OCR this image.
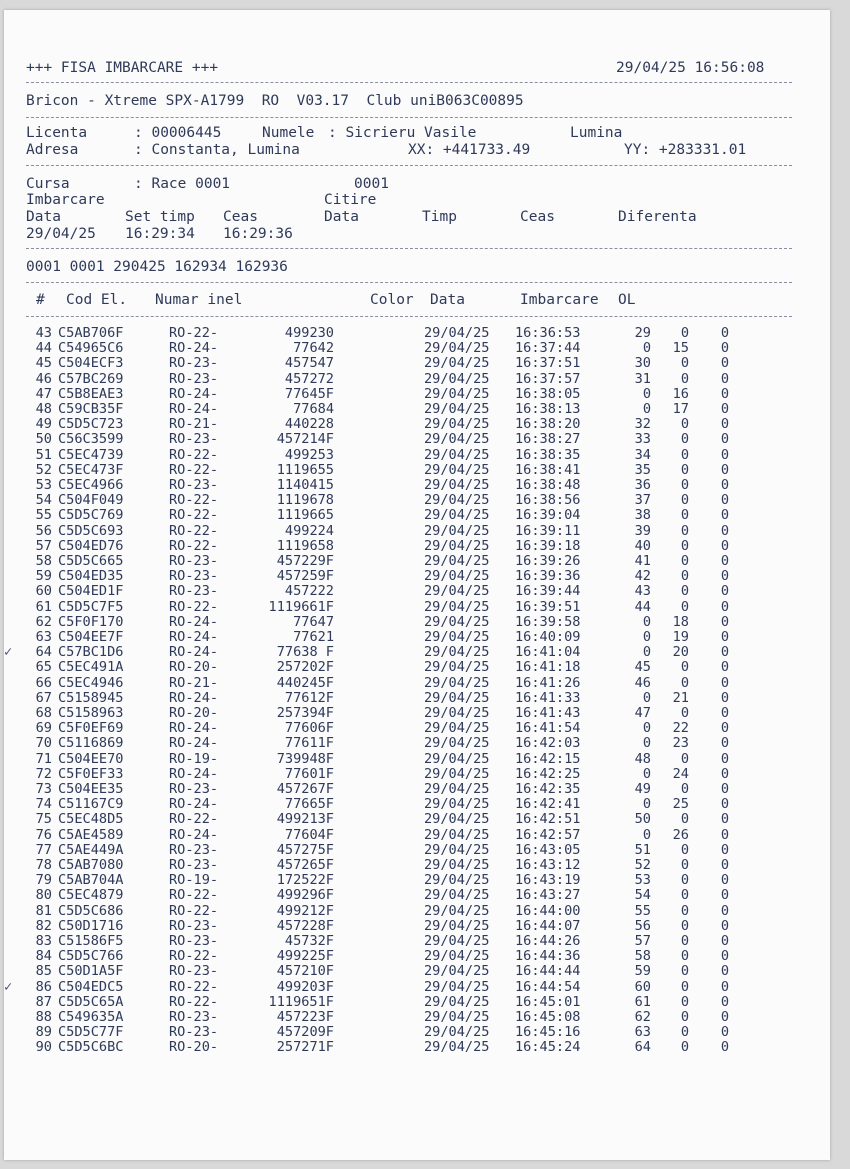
+++ FISA IMBARCARE +++	29/04/25 16:56:08
Bricon - Xtreme SPX-A1799  RO  V03.17  Club uniB063C00895
Licenta	: 00006445	Numele : Sicrieru Vasile	Lumina
Adresa	: Constanta, Lumina	XX: +441733.49	YY: +283331.01
Cursa	: Race 0001	0001
Imbarcare	Citire
Data	Set timp Ceas	Data	Timp	Ceas	Diferenta
29/04/25 16:29:34 16:29:36
0001 0001 290425 162934 162936
# Cod El. Numar inel	Color Data	Imbarcare OL
43 C5AB706F	RO-22-	499230	29/04/25 16:36:53	29	0	0
44 C54965C6	RO-24-	77642	29/04/25 16:37:44	0	15	0
45 C504ECF3	RO-23-	457547	29/04/25 16:37:51	30	0	0
46 C57BC269	RO-23-	457272	29/04/25 16:37:57	31	0	0
47 C5B8EAE3	RO-24-	77645F	29/04/25 16:38:05	0	16	0
48 C59CB35F	RO-24-	77684	29/04/25 16:38:13	0	17	0
49 C5D5C723	RO-21-	440228	29/04/25 16:38:20	32	0	0
50 C56C3599	RO-23-	457214F	29/04/25 16:38:27	33	0	0
51 C5EC4739	RO-22-	499253	29/04/25 16:38:35	34	0	0
52 C5EC473F	RO-22-	1119655	29/04/25 16:38:41	35	0	0
53 C5EC4966	RO-23-	1140415	29/04/25 16:38:48	36	0	0
54 C504F049	RO-22-	1119678	29/04/25 16:38:56	37	0	0
55 C5D5C769	RO-22-	1119665	29/04/25 16:39:04	38	0	0
56 C5D5C693	RO-22-	499224	29/04/25 16:39:11	39	0	0
57 C504ED76	RO-22-	1119658	29/04/25 16:39:18	40	0	0
58 C5D5C665	RO-23-	457229F	29/04/25 16:39:26	41	0	0
59 C504ED35	RO-23-	457259F	29/04/25 16:39:36	42	0	0
60 C504ED1F	RO-23-	457222	29/04/25 16:39:44	43	0	0
61 C5D5C7F5	RO-22-	1119661F	29/04/25 16:39:51	44	0	0
62 C5F0F170	RO-24-	77647	29/04/25 16:39:58	0	18	0
63 C504EE7F	RO-24-	77621	29/04/25 16:40:09	0	19	0
64 C57BC1D6	RO-24-	77638 F	29/04/25 16:41:04	0	20	0
✓
65 C5EC491A	RO-20-	257202F	29/04/25 16:41:18	45	0	0
66 C5EC4946	RO-21-	440245F	29/04/25 16:41:26	46	0	0
67 C5158945	RO-24-	77612F	29/04/25 16:41:33	0	21	0
68 C5158963	RO-20-	257394F	29/04/25 16:41:43	47	0	0
69 C5F0EF69	RO-24-	77606F	29/04/25 16:41:54	0	22	0
70 C5116869	RO-24-	77611F	29/04/25 16:42:03	0	23	0
71 C504EE70	RO-19-	739948F	29/04/25 16:42:15	48	0	0
72 C5F0EF33	RO-24-	77601F	29/04/25 16:42:25	0	24	0
73 C504EE35	RO-23-	457267F	29/04/25 16:42:35	49	0	0
74 C51167C9	RO-24-	77665F	29/04/25 16:42:41	0	25	0
75 C5EC48D5	RO-22-	499213F	29/04/25 16:42:51	50	0	0
76 C5AE4589	RO-24-	77604F	29/04/25 16:42:57	0	26	0
77 C5AE449A	RO-23-	457275F	29/04/25 16:43:05	51	0	0
78 C5AB7080	RO-23-	457265F	29/04/25 16:43:12	52	0	0
79 C5AB704A	RO-19-	172522F	29/04/25 16:43:19	53	0	0
80 C5EC4879	RO-22-	499296F	29/04/25 16:43:27	54	0	0
81 C5D5C686	RO-22-	499212F	29/04/25 16:44:00	55	0	0
82 C50D1716	RO-23-	457228F	29/04/25 16:44:07	56	0	0
83 C51586F5	RO-23-	45732F	29/04/25 16:44:26	57	0	0
84 C5D5C766	RO-22-	499225F	29/04/25 16:44:36	58	0	0
85 C50D1A5F	RO-23-	457210F	29/04/25 16:44:44	59	0	0
86 C504EDC5	RO-22-	499203F	29/04/25 16:44:54	60	0	0
✓
87 C5D5C65A	RO-22-	1119651F	29/04/25 16:45:01	61	0	0
88 C549635A	RO-23-	457223F	29/04/25 16:45:08	62	0	0
89 C5D5C77F	RO-23-	457209F	29/04/25 16:45:16	63	0	0
90 C5D5C6BC	RO-20-	257271F	29/04/25 16:45:24	64	0	0
